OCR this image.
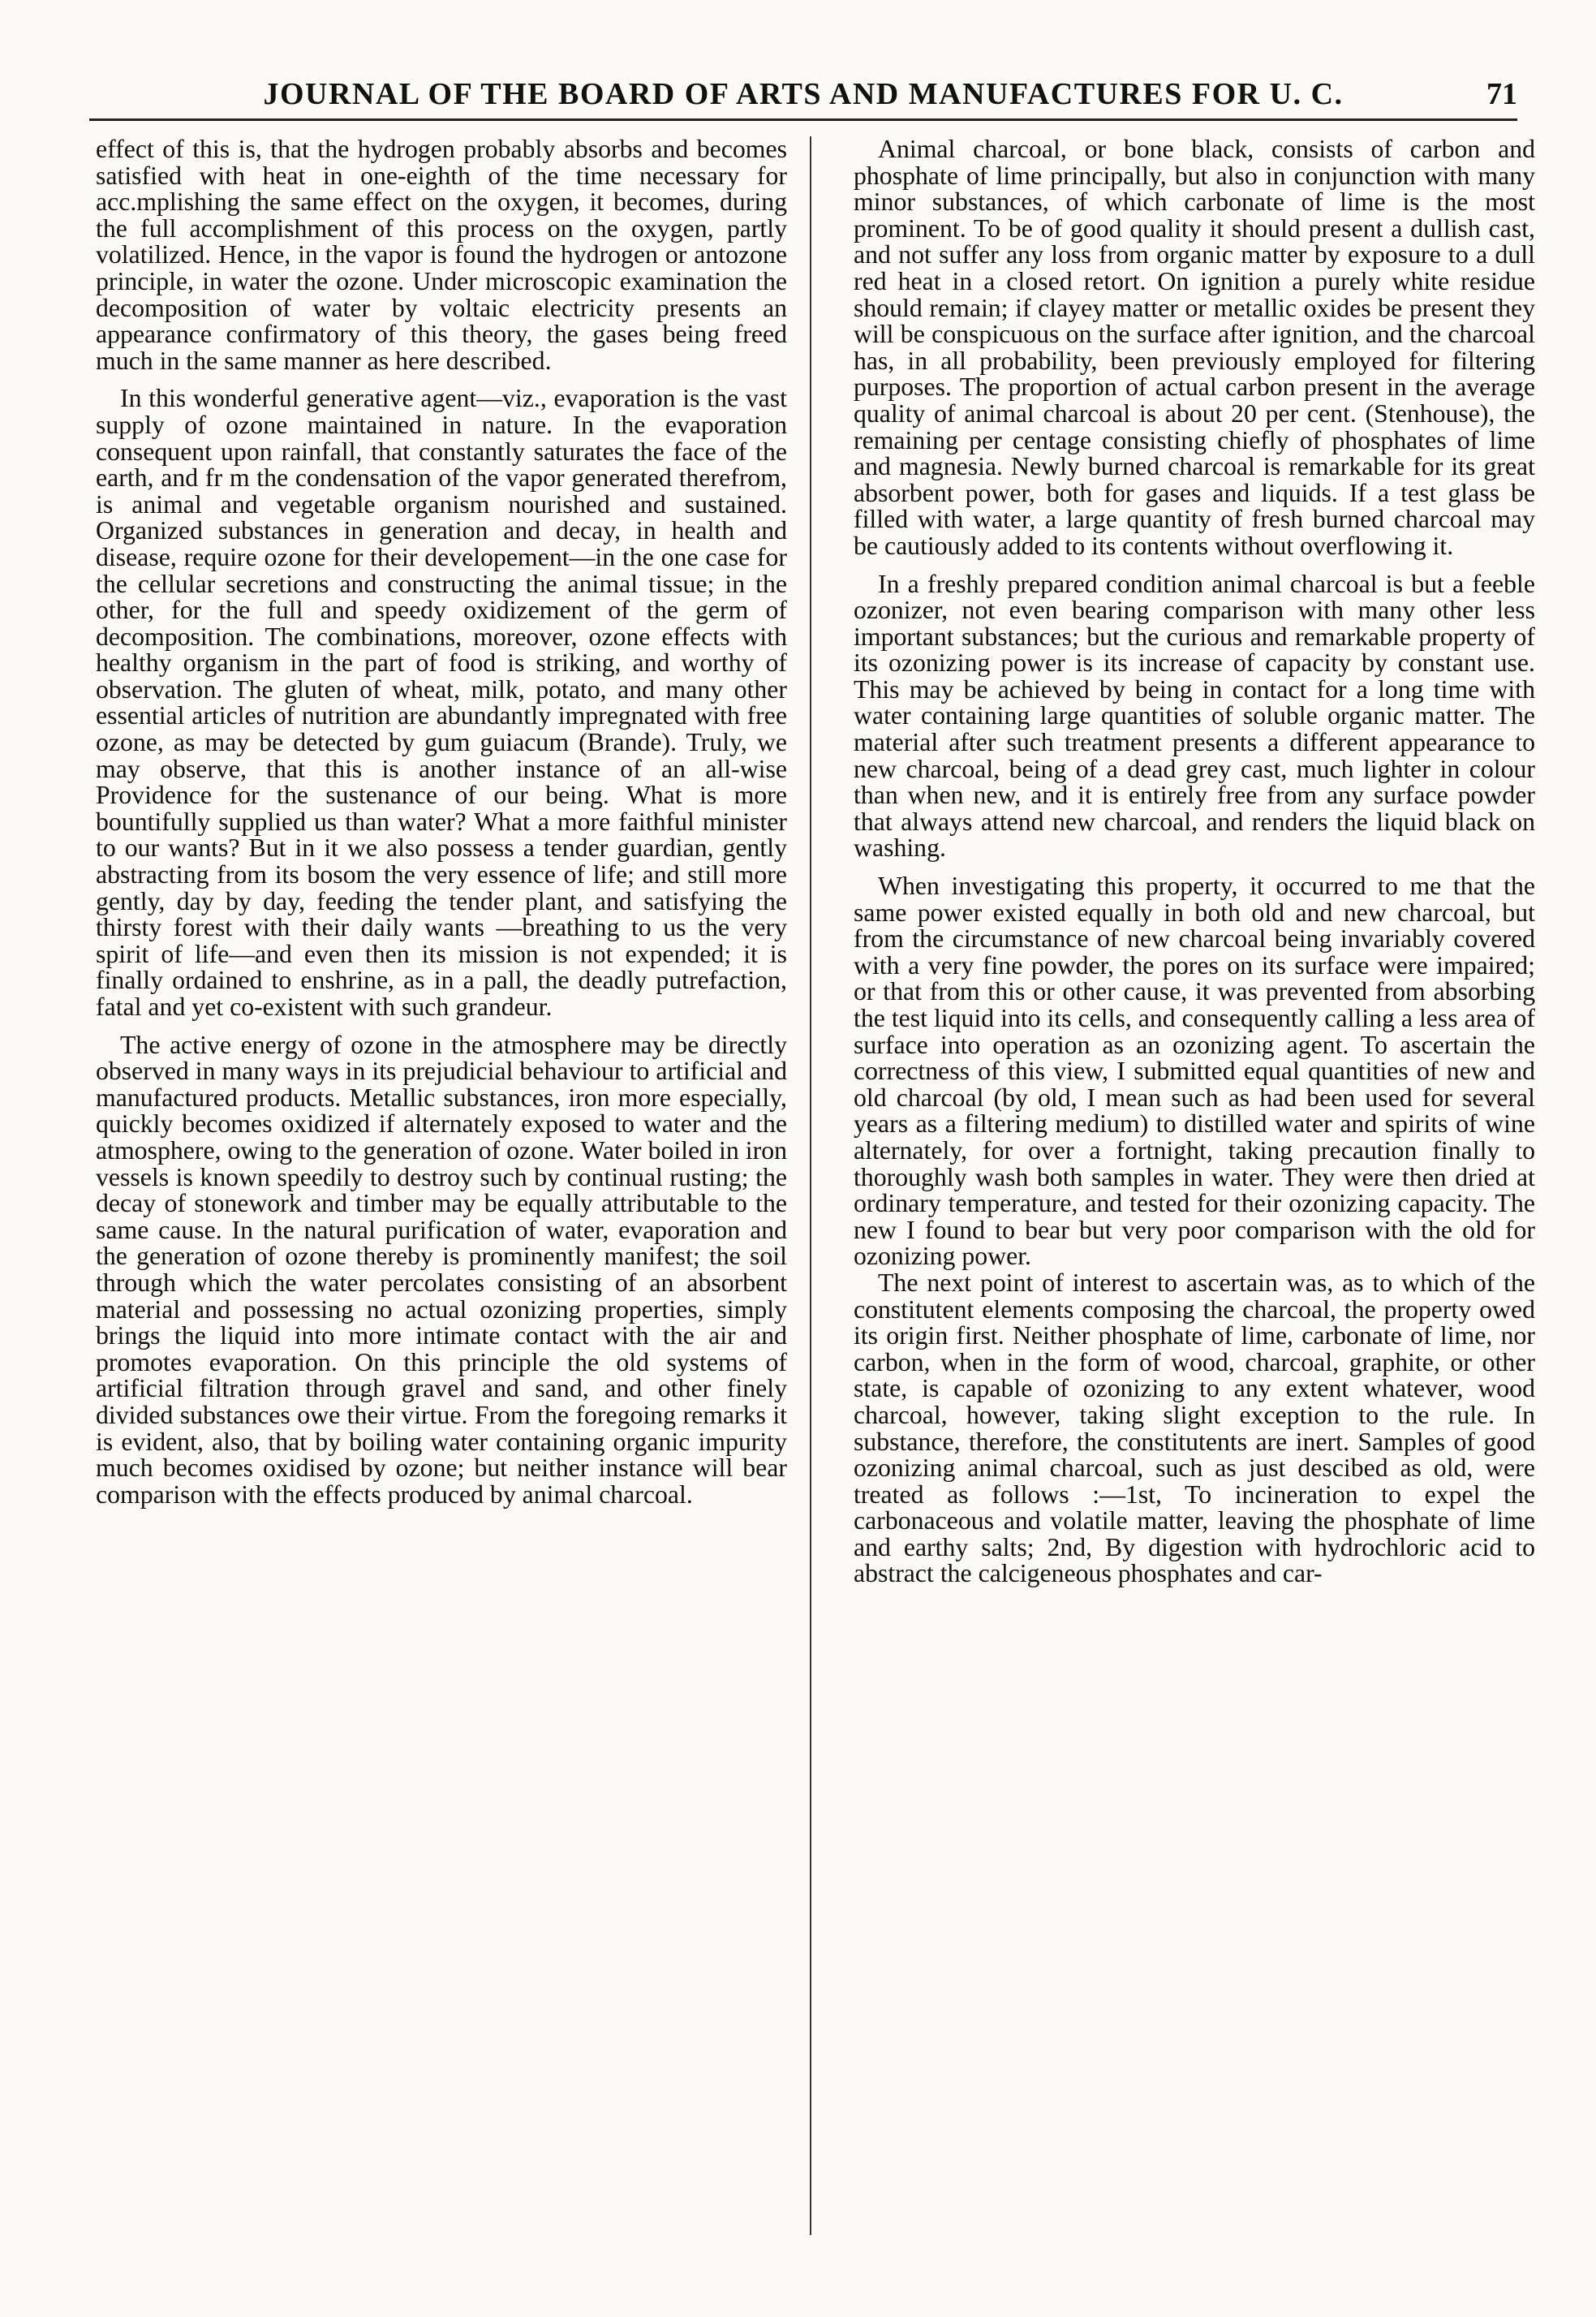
JOURNAL OF THE BOARD OF ARTS AND MANUFACTURES FOR U. C.	71

effect of this is, that the hydrogen probably absorbs and becomes satisfied with heat in one-eighth of the time necessary for acc.mplishing the same effect on the oxygen, it becomes, during the full accomplishment of this process on the oxygen, partly volatilized. Hence, in the vapor is found the hydrogen or antozone principle, in water the ozone. Under microscopic examination the decomposition of water by voltaic electricity presents an appearance confirmatory of this theory, the gases being freed much in the same manner as here described.

In this wonderful generative agent—viz., evaporation is the vast supply of ozone maintained in nature. In the evaporation consequent upon rainfall, that constantly saturates the face of the earth, and fr m the condensation of the vapor generated therefrom, is animal and vegetable organism nourished and sustained. Organized substances in generation and decay, in health and disease, require ozone for their developement—in the one case for the cellular secretions and constructing the animal tissue; in the other, for the full and speedy oxidizement of the germ of decomposition. The combinations, moreover, ozone effects with healthy organism in the part of food is striking, and worthy of observation. The gluten of wheat, milk, potato, and many other essential articles of nutrition are abundantly impregnated with free ozone, as may be detected by gum guiacum (Brande). Truly, we may observe, that this is another instance of an all-wise Providence for the sustenance of our being. What is more bountifully supplied us than water? What a more faithful minister to our wants? But in it we also possess a tender guardian, gently abstracting from its bosom the very essence of life; and still more gently, day by day, feeding the tender plant, and satisfying the thirsty forest with their daily wants —breathing to us the very spirit of life—and even then its mission is not expended; it is finally ordained to enshrine, as in a pall, the deadly putrefaction, fatal and yet co-existent with such grandeur.

The active energy of ozone in the atmosphere may be directly observed in many ways in its prejudicial behaviour to artificial and manufactured products. Metallic substances, iron more especially, quickly becomes oxidized if alternately exposed to water and the atmosphere, owing to the generation of ozone. Water boiled in iron vessels is known speedily to destroy such by continual rusting; the decay of stonework and timber may be equally attributable to the same cause. In the natural purification of water, evaporation and the generation of ozone thereby is prominently manifest; the soil through which the water percolates consisting of an absorbent material and possessing no actual ozonizing properties, simply brings the liquid into more intimate contact with the air and promotes evaporation. On this principle the old systems of artificial filtration through gravel and sand, and other finely divided substances owe their virtue. From the foregoing remarks it is evident, also, that by boiling water containing organic impurity much becomes oxidised by ozone; but neither instance will bear comparison with the effects produced by animal charcoal.

Animal charcoal, or bone black, consists of carbon and phosphate of lime principally, but also in conjunction with many minor substances, of which carbonate of lime is the most prominent. To be of good quality it should present a dullish cast, and not suffer any loss from organic matter by exposure to a dull red heat in a closed retort. On ignition a purely white residue should remain; if clayey matter or metallic oxides be present they will be conspicuous on the surface after ignition, and the charcoal has, in all probability, been previously employed for filtering purposes. The proportion of actual carbon present in the average quality of animal charcoal is about 20 per cent. (Stenhouse), the remaining per centage consisting chiefly of phosphates of lime and magnesia. Newly burned charcoal is remarkable for its great absorbent power, both for gases and liquids. If a test glass be filled with water, a large quantity of fresh burned charcoal may be cautiously added to its contents without overflowing it.

In a freshly prepared condition animal charcoal is but a feeble ozonizer, not even bearing comparison with many other less important substances; but the curious and remarkable property of its ozonizing power is its increase of capacity by constant use. This may be achieved by being in contact for a long time with water containing large quantities of soluble organic matter. The material after such treatment presents a different appearance to new charcoal, being of a dead grey cast, much lighter in colour than when new, and it is entirely free from any surface powder that always attend new charcoal, and renders the liquid black on washing.

When investigating this property, it occurred to me that the same power existed equally in both old and new charcoal, but from the circumstance of new charcoal being invariably covered with a very fine powder, the pores on its surface were impaired; or that from this or other cause, it was prevented from absorbing the test liquid into its cells, and consequently calling a less area of surface into operation as an ozonizing agent. To ascertain the correctness of this view, I submitted equal quantities of new and old charcoal (by old, I mean such as had been used for several years as a filtering medium) to distilled water and spirits of wine alternately, for over a fortnight, taking precaution finally to thoroughly wash both samples in water. They were then dried at ordinary temperature, and tested for their ozonizing capacity. The new I found to bear but very poor comparison with the old for ozonizing power.

The next point of interest to ascertain was, as to which of the constitutent elements composing the charcoal, the property owed its origin first. Neither phosphate of lime, carbonate of lime, nor carbon, when in the form of wood, charcoal, graphite, or other state, is capable of ozonizing to any extent whatever, wood charcoal, however, taking slight exception to the rule. In substance, therefore, the constitutents are inert. Samples of good ozonizing animal charcoal, such as just descibed as old, were treated as follows :—1st, To incineration to expel the carbonaceous and volatile matter, leaving the phosphate of lime and earthy salts; 2nd, By digestion with hydrochloric acid to abstract the calcigeneous phosphates and car-
